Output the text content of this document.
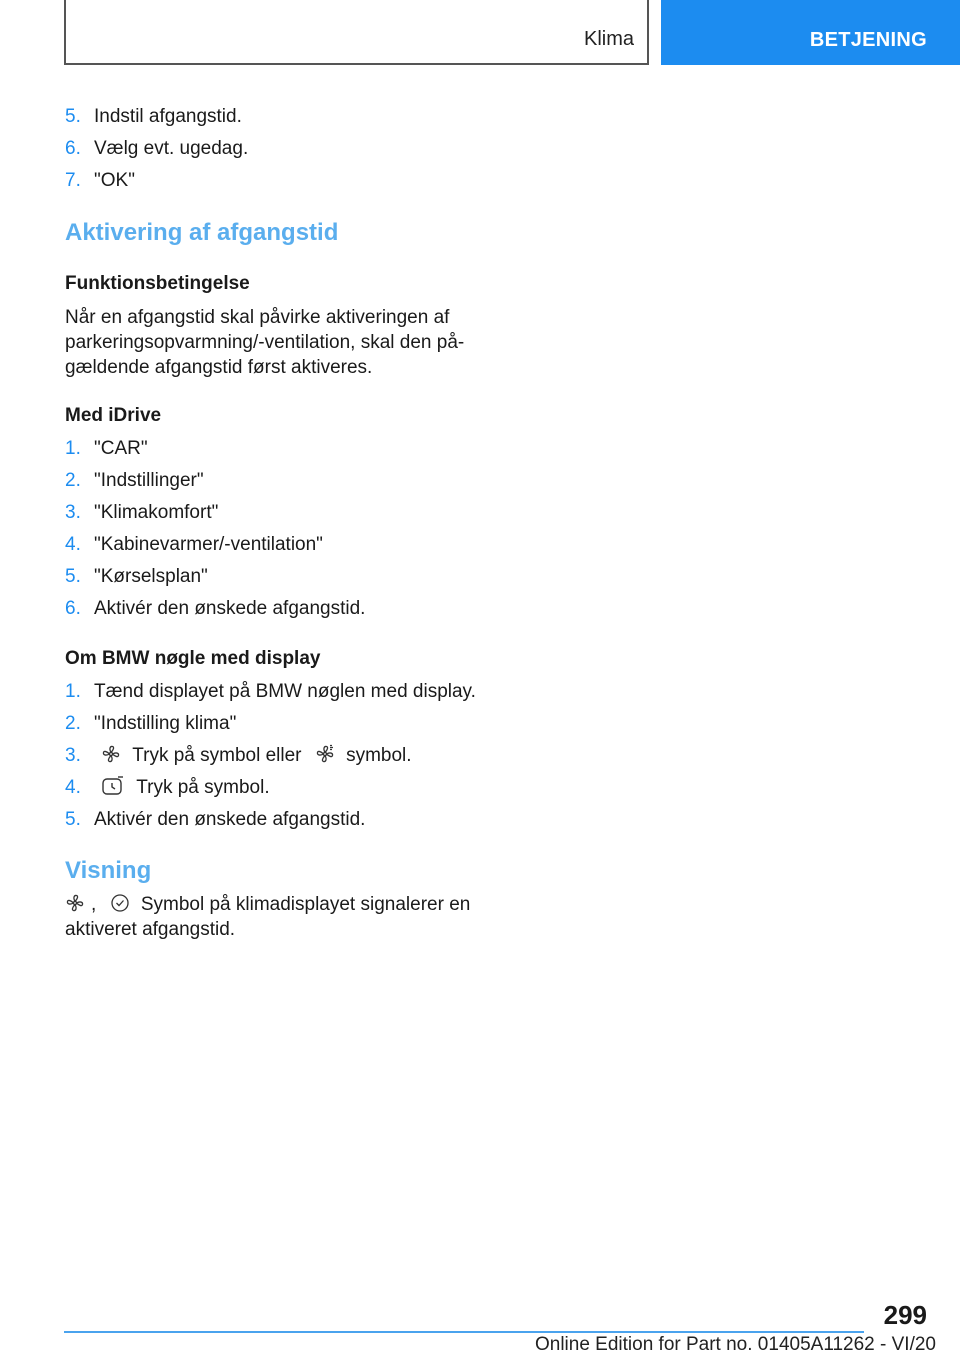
Klima	BETJENING
5. Indstil afgangstid.
6. Vælg evt. ugedag.
7. "OK"
Aktivering af afgangstid
Funktionsbetingelse
Når en afgangstid skal påvirke aktiveringen af parkeringsopvarmning/-ventilation, skal den på-gældende afgangstid først aktiveres.
Med iDrive
1. "CAR"
2. "Indstillinger"
3. "Klimakomfort"
4. "Kabinevarmer/-ventilation"
5. "Kørselsplan"
6. Aktivér den ønskede afgangstid.
Om BMW nøgle med display
1. Tænd displayet på BMW nøglen med display.
2. "Indstilling klima"
3.	Tryk på symbol eller symbol.
4.	Tryk på symbol.
5. Aktivér den ønskede afgangstid.
Visning
, Symbol på klimadisplayet signalerer en
aktiveret afgangstid.
299
Online Edition for Part no. 01405A11262 - VI/20
